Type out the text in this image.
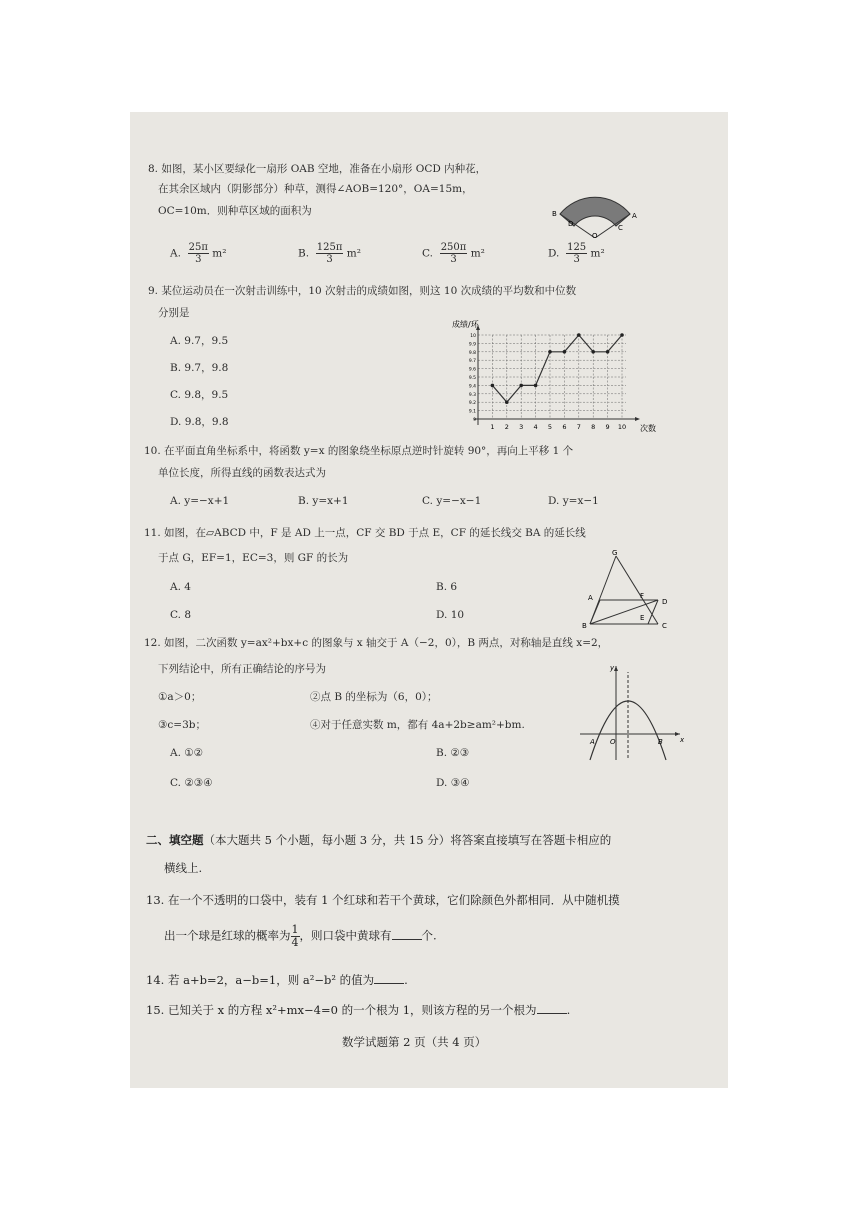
8. 如图，某小区要绿化一扇形 OAB 空地，准备在小扇形 OCD 内种花，
在其余区域内（阴影部分）种草，测得∠AOB=120°，OA=15m，
OC=10m．则种草区域的面积为	B
D
O
C
A
A. $\frac{25\pi}{3} m^2$	B. $\frac{125\pi}{3} m^2$	C. $\frac{250\pi}{3} m^2$	D. $\frac{125}{3} m^2$
9. 某位运动员在一次射击训练中，10 次射击的成绩如图，则这 10 次成绩的平均数和中位数
分别是
A. 9.7，9.5
B. 9.7，9.8
C. 9.8，9.5
D. 9.8，9.8	1 2 3 4 5 6 7 8 9 10
9
9.1
9.2
9.3
9.4
9.5
9.6
9.7
9.8
9.9
10
成绩/环
次数
10. 在平面直角坐标系中，将函数 y=x 的图象绕坐标原点逆时针旋转 90°，再向上平移 1 个
单位长度，所得直线的函数表达式为
A. y=−x+1	B. y=x+1	C. y=−x−1	D. y=x−1
11. 如图，在▱ABCD 中，F 是 AD 上一点，CF 交 BD 于点 E，CF 的延长线交 BA 的延长线
于点 G，EF=1，EC=3，则 GF 的长为
A. 4	B. 6
C. 8	D. 10
G
A	F
D
E
B	C
12. 如图，二次函数 y=ax²+bx+c 的图象与 x 轴交于 A（−2，0），B 两点，对称轴是直线 x=2，
下列结论中，所有正确结论的序号为
①a＞0；	②点 B 的坐标为（6，0）；
③c=3b；	④对于任意实数 m，都有 4a+2b≥am²+bm.
A. ①②	B. ②③
C. ②③④	D. ③④
y
x
A O	B
二、填空题（本大题共 5 个小题，每小题 3 分，共 15 分）将答案直接填写在答题卡相应的
横线上.
13. 在一个不透明的口袋中，装有 1 个红球和若干个黄球，它们除颜色外都相同．从中随机摸
出一个球是红球的概率为 $\frac{1}{4}$ ，则口袋中黄球有	个.
14. 若 a+b=2，a−b=1，则 a²−b² 的值为	.
15. 已知关于 x 的方程 x²+mx−4=0 的一个根为 1，则该方程的另一个根为	.
数学试题第 2 页（共 4 页）
